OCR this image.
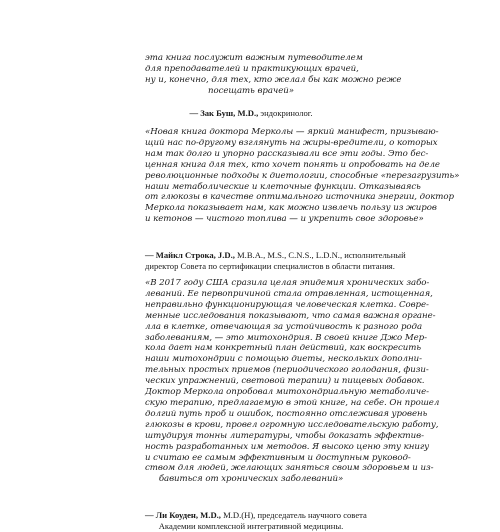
эта книга послужит важным путеводителем
для преподавателей и практикующих врачей,
ну и, конечно, для тех, кто желал бы как можно реже
посещать врачей»
— Зак Буш, M.D., эндокринолог.
«Новая книга доктора Мерколы — яркий манифест, призываю-
щий нас по-другому взглянуть на жиры-вредители, о которых
нам так долго и упорно рассказывали все эти годы. Это бес-
ценная книга для тех, кто хочет понять и опробовать на деле
революционные подходы к диетологии, способные «перезагрузить»
наши метаболические и клеточные функции. Отказываясь
от глюкозы в качестве оптимального источника энергии, доктор
Меркола показывает нам, как можно извлечь пользу из жиров
и кетонов — чистого топлива — и укрепить свое здоровье»
— Майкл Строка, J.D., M.B.A., M.S., C.N.S., L.D.N., исполнительный
директор Совета по сертификации специалистов в области питания.
«В 2017 году США сразила целая эпидемия хронических забо-
леваний. Ее первопричиной стала отравленная, истощенная,
неправильно функционирующая человеческая клетка. Совре-
менные исследования показывают, что самая важная органе-
лла в клетке, отвечающая за устойчивость к разного рода
заболеваниям, — это митохондрия. В своей книге Джо Мер-
кола дает нам конкретный план действий, как воскресить
наши митохондрии с помощью диеты, нескольких дополни-
тельных простых приемов (периодического голодания, физи-
ческих упражнений, световой терапии) и пищевых добавок.
Доктор Меркола опробовал митохондриальную метаболиче-
скую терапию, предлагаемую в этой книге, на себе. Он прошел
долгий путь проб и ошибок, постоянно отслеживая уровень
глюкозы в крови, провел огромную исследовательскую работу,
штудируя тонны литературы, чтобы доказать эффектив-
ность разработанных им методов. Я высоко ценю эту книгу
и считаю ее самым эффективным и доступным руковод-
ством для людей, желающих заняться своим здоровьем и из-
бавиться от хронических заболеваний»
— Ли Коуден, M.D., M.D.(H), председатель научного совета
Академии комплексной интегративной медицины.
